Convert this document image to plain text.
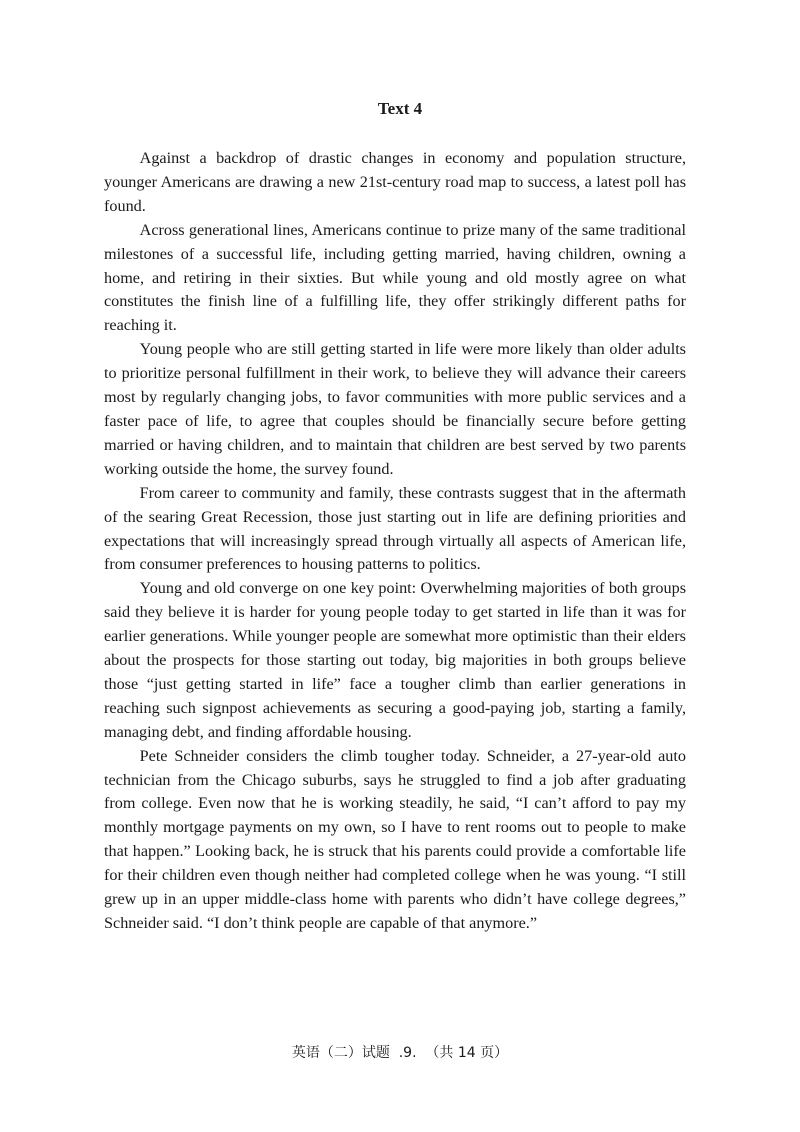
Text 4

Against a backdrop of drastic changes in economy and population structure, younger Americans are drawing a new 21st-century road map to success, a latest poll has found.

Across generational lines, Americans continue to prize many of the same traditional milestones of a successful life, including getting married, having children, owning a home, and retiring in their sixties. But while young and old mostly agree on what constitutes the finish line of a fulfilling life, they offer strikingly different paths for reaching it.

Young people who are still getting started in life were more likely than older adults to prioritize personal fulfillment in their work, to believe they will advance their careers most by regularly changing jobs, to favor communities with more public services and a faster pace of life, to agree that couples should be financially secure before getting married or having children, and to maintain that children are best served by two parents working outside the home, the survey found.

From career to community and family, these contrasts suggest that in the aftermath of the searing Great Recession, those just starting out in life are defining priorities and expectations that will increasingly spread through virtually all aspects of American life, from consumer preferences to housing patterns to politics.

Young and old converge on one key point: Overwhelming majorities of both groups said they believe it is harder for young people today to get started in life than it was for earlier generations. While younger people are somewhat more optimistic than their elders about the prospects for those starting out today, big majorities in both groups believe those “just getting started in life” face a tougher climb than earlier generations in reaching such signpost achievements as securing a good-paying job, starting a family, managing debt, and finding affordable housing.

Pete Schneider considers the climb tougher today. Schneider, a 27-year-old auto technician from the Chicago suburbs, says he struggled to find a job after graduating from college. Even now that he is working steadily, he said, “I can’t afford to pay my monthly mortgage payments on my own, so I have to rent rooms out to people to make that happen.” Looking back, he is struck that his parents could provide a comfortable life for their children even though neither had completed college when he was young. “I still grew up in an upper middle-class home with parents who didn’t have college degrees,” Schneider said. “I don’t think people are capable of that anymore.”

英语（二）试题  .9.  （共 14 页）
